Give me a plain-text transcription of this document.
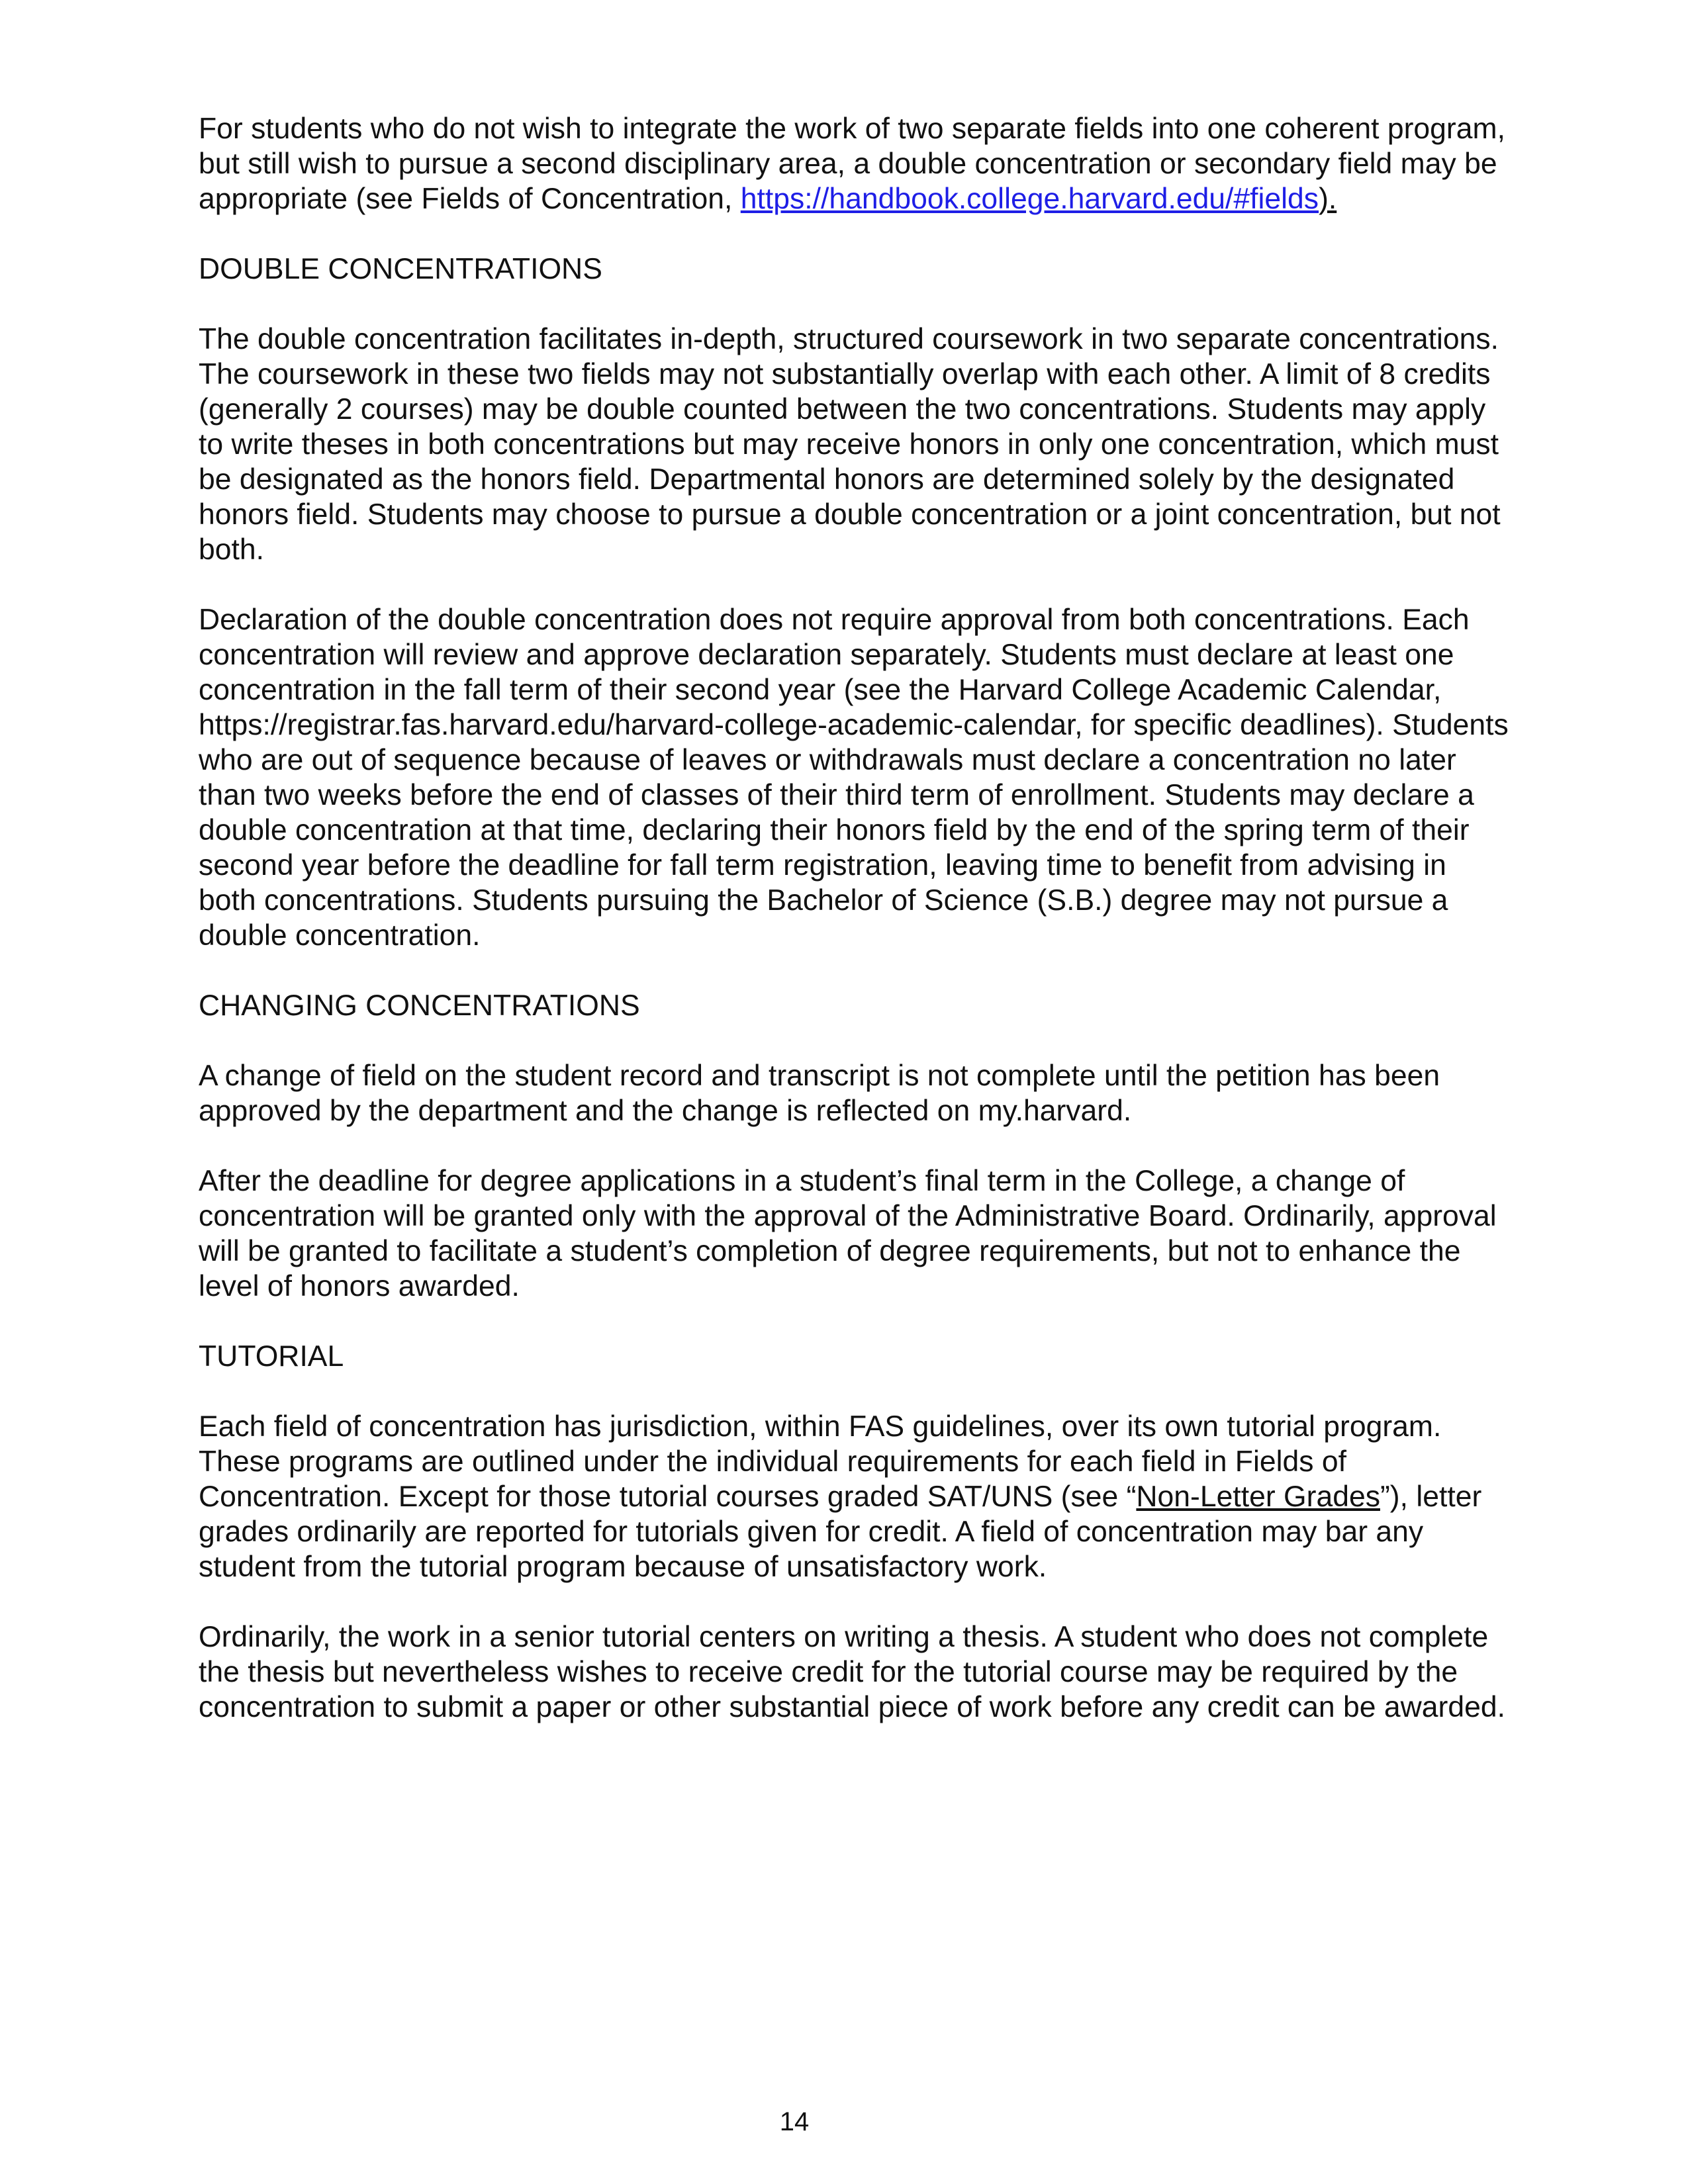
For students who do not wish to integrate the work of two separate fields into one coherent program, but still wish to pursue a second disciplinary area, a double concentration or secondary field may be appropriate (see Fields of Concentration, https://handbook.college.harvard.edu/#fields).

DOUBLE CONCENTRATIONS

The double concentration facilitates in-depth, structured coursework in two separate concentrations. The coursework in these two fields may not substantially overlap with each other. A limit of 8 credits (generally 2 courses) may be double counted between the two concentrations. Students may apply to write theses in both concentrations but may receive honors in only one concentration, which must be designated as the honors field. Departmental honors are determined solely by the designated honors field. Students may choose to pursue a double concentration or a joint concentration, but not both.

Declaration of the double concentration does not require approval from both concentrations. Each concentration will review and approve declaration separately. Students must declare at least one concentration in the fall term of their second year (see the Harvard College Academic Calendar, https://registrar.fas.harvard.edu/harvard-college-academic-calendar, for specific deadlines). Students who are out of sequence because of leaves or withdrawals must declare a concentration no later than two weeks before the end of classes of their third term of enrollment. Students may declare a double concentration at that time, declaring their honors field by the end of the spring term of their second year before the deadline for fall term registration, leaving time to benefit from advising in both concentrations. Students pursuing the Bachelor of Science (S.B.) degree may not pursue a double concentration.

CHANGING CONCENTRATIONS

A change of field on the student record and transcript is not complete until the petition has been approved by the department and the change is reflected on my.harvard.

After the deadline for degree applications in a student’s final term in the College, a change of concentration will be granted only with the approval of the Administrative Board. Ordinarily, approval will be granted to facilitate a student’s completion of degree requirements, but not to enhance the level of honors awarded.

TUTORIAL

Each field of concentration has jurisdiction, within FAS guidelines, over its own tutorial program. These programs are outlined under the individual requirements for each field in Fields of Concentration. Except for those tutorial courses graded SAT/UNS (see “Non-Letter Grades”), letter grades ordinarily are reported for tutorials given for credit. A field of concentration may bar any student from the tutorial program because of unsatisfactory work.

Ordinarily, the work in a senior tutorial centers on writing a thesis. A student who does not complete the thesis but nevertheless wishes to receive credit for the tutorial course may be required by the concentration to submit a paper or other substantial piece of work before any credit can be awarded.

14
